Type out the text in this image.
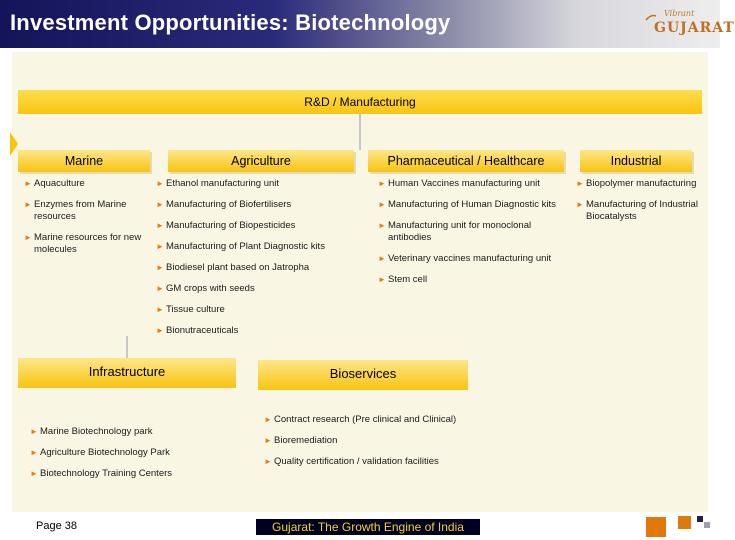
Investment Opportunities: Biotechnology	Vibrant
GUJARAT
R&D / Manufacturing
Marine	Agriculture	Pharmaceutical / Healthcare	Industrial
► Aquaculture
► Enzymes from Marine resources
► Marine resources for new molecules
► Ethanol manufacturing unit
► Manufacturing of Biofertilisers
► Manufacturing of Biopesticides
► Manufacturing of Plant Diagnostic kits
► Biodiesel plant based on Jatropha
► GM crops with seeds
► Tissue culture
► Bionutraceuticals
► Human Vaccines manufacturing unit
► Manufacturing of Human Diagnostic kits
► Manufacturing unit for monoclonal antibodies
► Veterinary vaccines manufacturing unit
► Stem cell
► Biopolymer manufacturing
► Manufacturing of Industrial Biocatalysts
Infrastructure
► Marine Biotechnology park
► Agriculture Biotechnology Park
► Biotechnology Training Centers
Bioservices
► Contract research (Pre clinical and Clinical)
► Bioremediation
► Quality certification / validation facilities
Page 38	Gujarat: The Growth Engine of India
